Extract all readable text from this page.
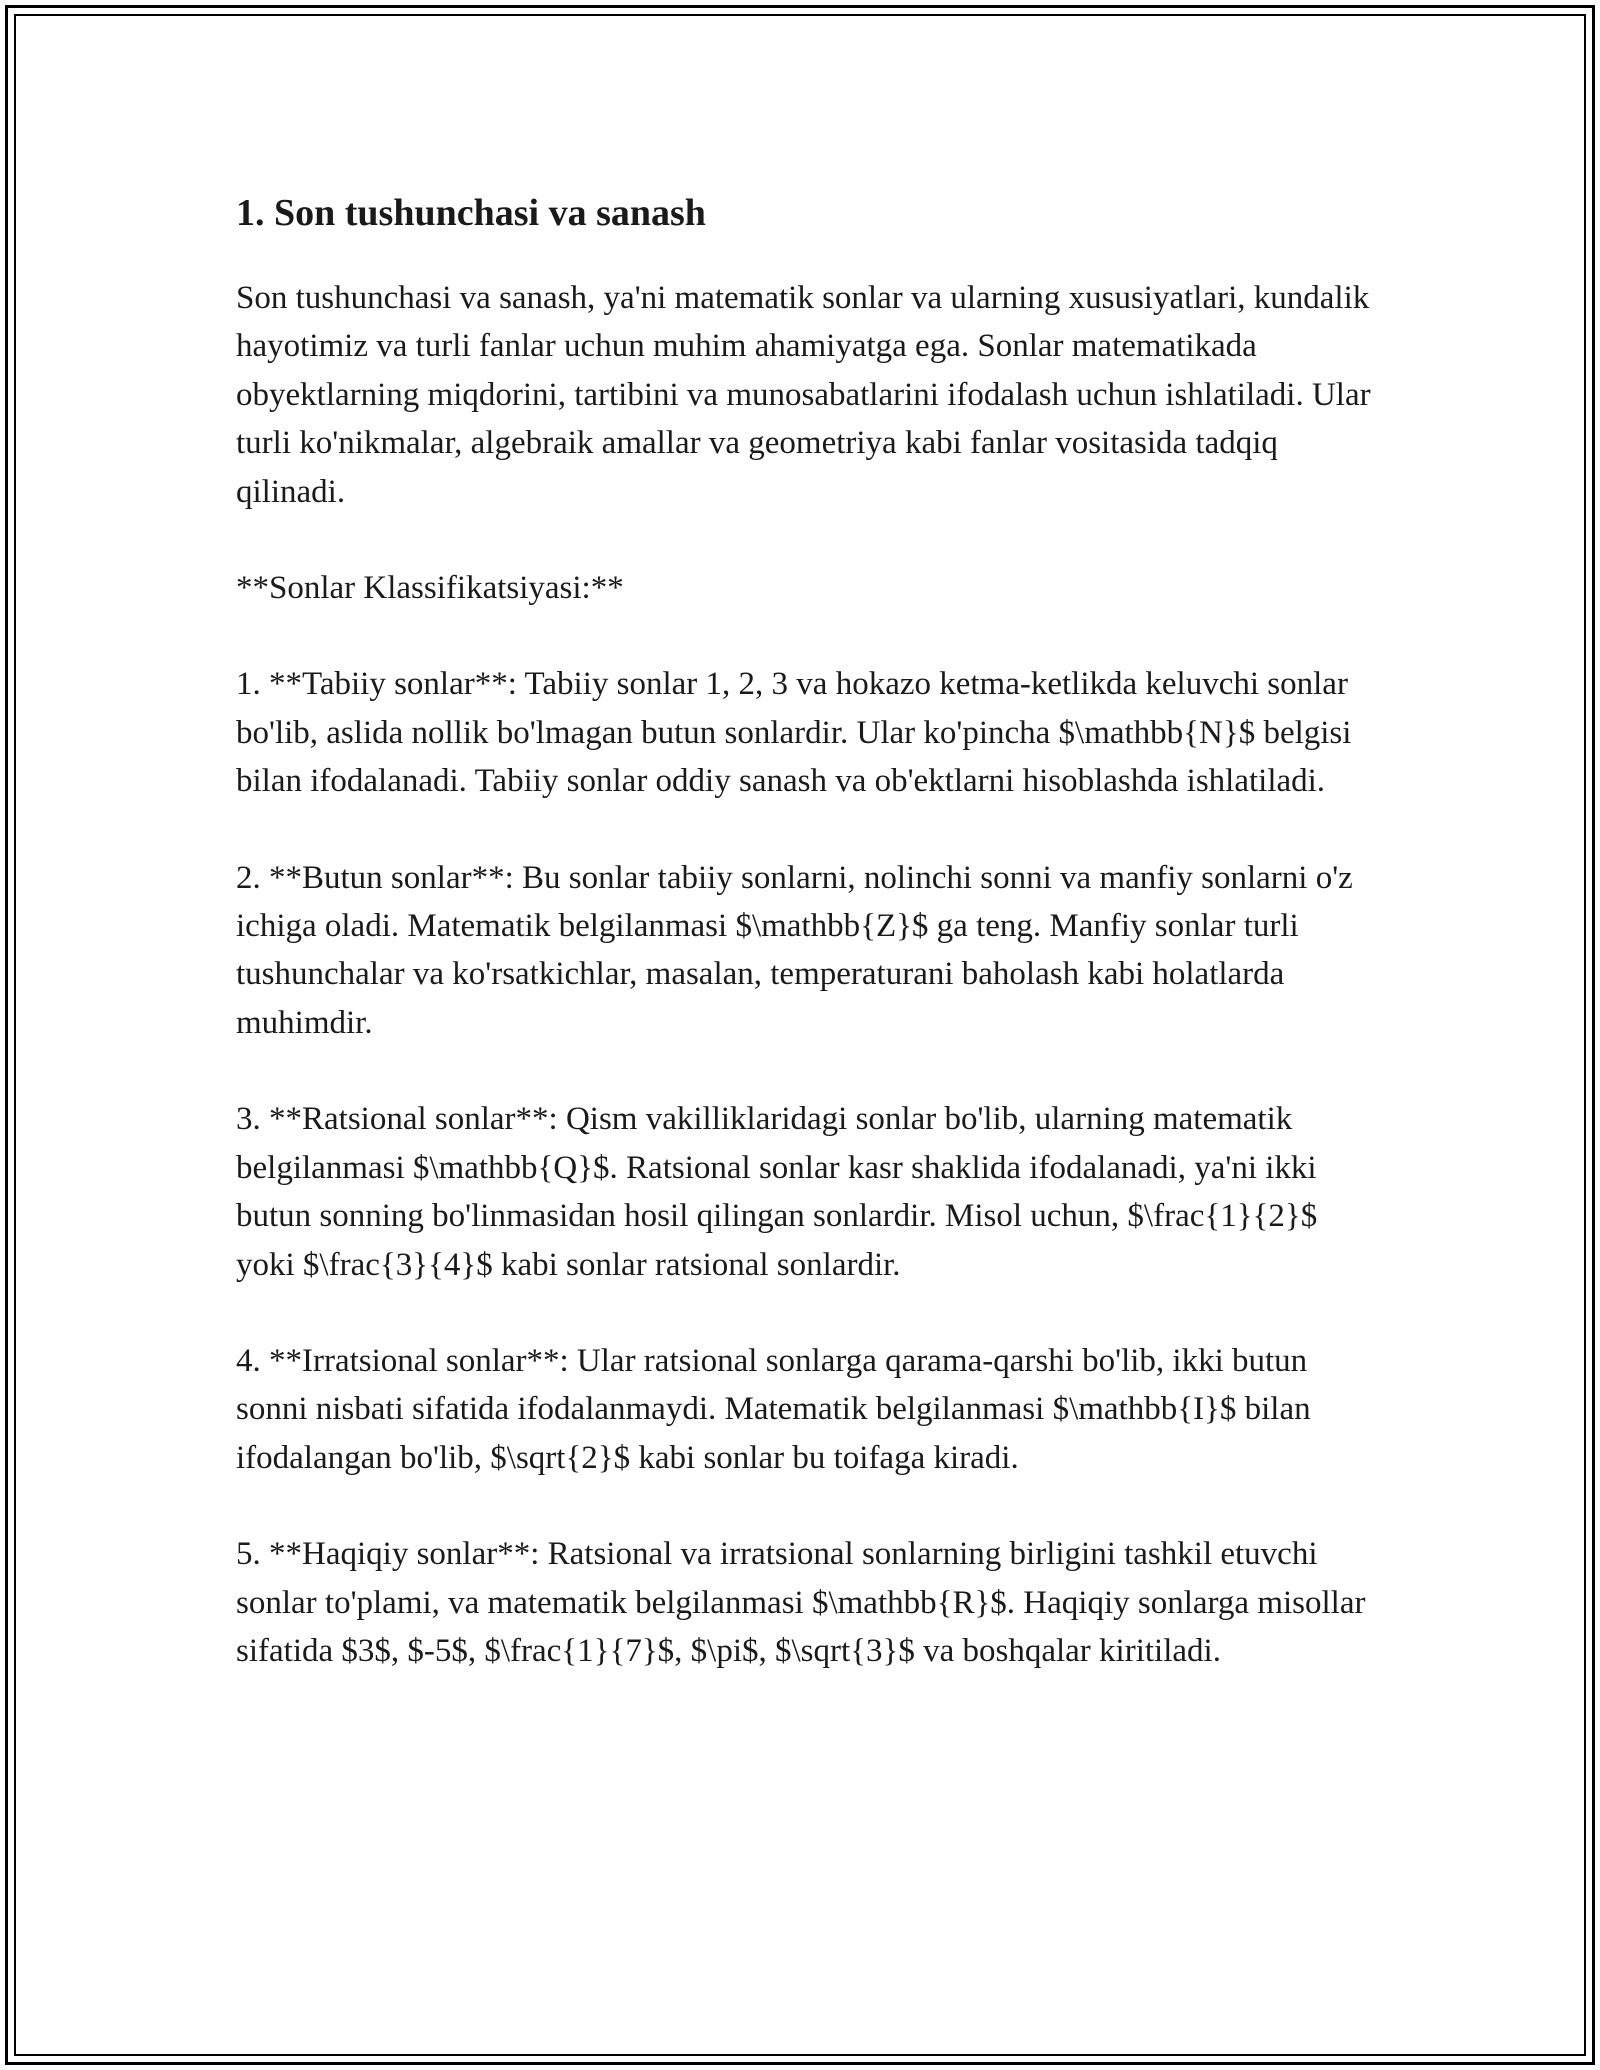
1. Son tushunchasi va sanash

Son tushunchasi va sanash, ya'ni matematik sonlar va ularning xususiyatlari, kundalik hayotimiz va turli fanlar uchun muhim ahamiyatga ega. Sonlar matematikada obyektlarning miqdorini, tartibini va munosabatlarini ifodalash uchun ishlatiladi. Ular turli ko'nikmalar, algebraik amallar va geometriya kabi fanlar vositasida tadqiq qilinadi.

**Sonlar Klassifikatsiyasi:**

1. **Tabiiy sonlar**: Tabiiy sonlar 1, 2, 3 va hokazo ketma-ketlikda keluvchi sonlar bo'lib, aslida nollik bo'lmagan butun sonlardir. Ular ko'pincha $\mathbb{N}$ belgisi bilan ifodalanadi. Tabiiy sonlar oddiy sanash va ob'ektlarni hisoblashda ishlatiladi.

2. **Butun sonlar**: Bu sonlar tabiiy sonlarni, nolinchi sonni va manfiy sonlarni o'z ichiga oladi. Matematik belgilanmasi $\mathbb{Z}$ ga teng. Manfiy sonlar turli tushunchalar va ko'rsatkichlar, masalan, temperaturani baholash kabi holatlarda muhimdir.

3. **Ratsional sonlar**: Qism vakilliklaridagi sonlar bo'lib, ularning matematik belgilanmasi $\mathbb{Q}$. Ratsional sonlar kasr shaklida ifodalanadi, ya'ni ikki butun sonning bo'linmasidan hosil qilingan sonlardir. Misol uchun, $\frac{1}{2}$ yoki $\frac{3}{4}$ kabi sonlar ratsional sonlardir.

4. **Irratsional sonlar**: Ular ratsional sonlarga qarama-qarshi bo'lib, ikki butun sonni nisbati sifatida ifodalanmaydi. Matematik belgilanmasi $\mathbb{I}$ bilan ifodalangan bo'lib, $\sqrt{2}$ kabi sonlar bu toifaga kiradi.

5. **Haqiqiy sonlar**: Ratsional va irratsional sonlarning birligini tashkil etuvchi sonlar to'plami, va matematik belgilanmasi $\mathbb{R}$. Haqiqiy sonlarga misollar sifatida $3$, $-5$, $\frac{1}{7}$, $\pi$, $\sqrt{3}$ va boshqalar kiritiladi.
